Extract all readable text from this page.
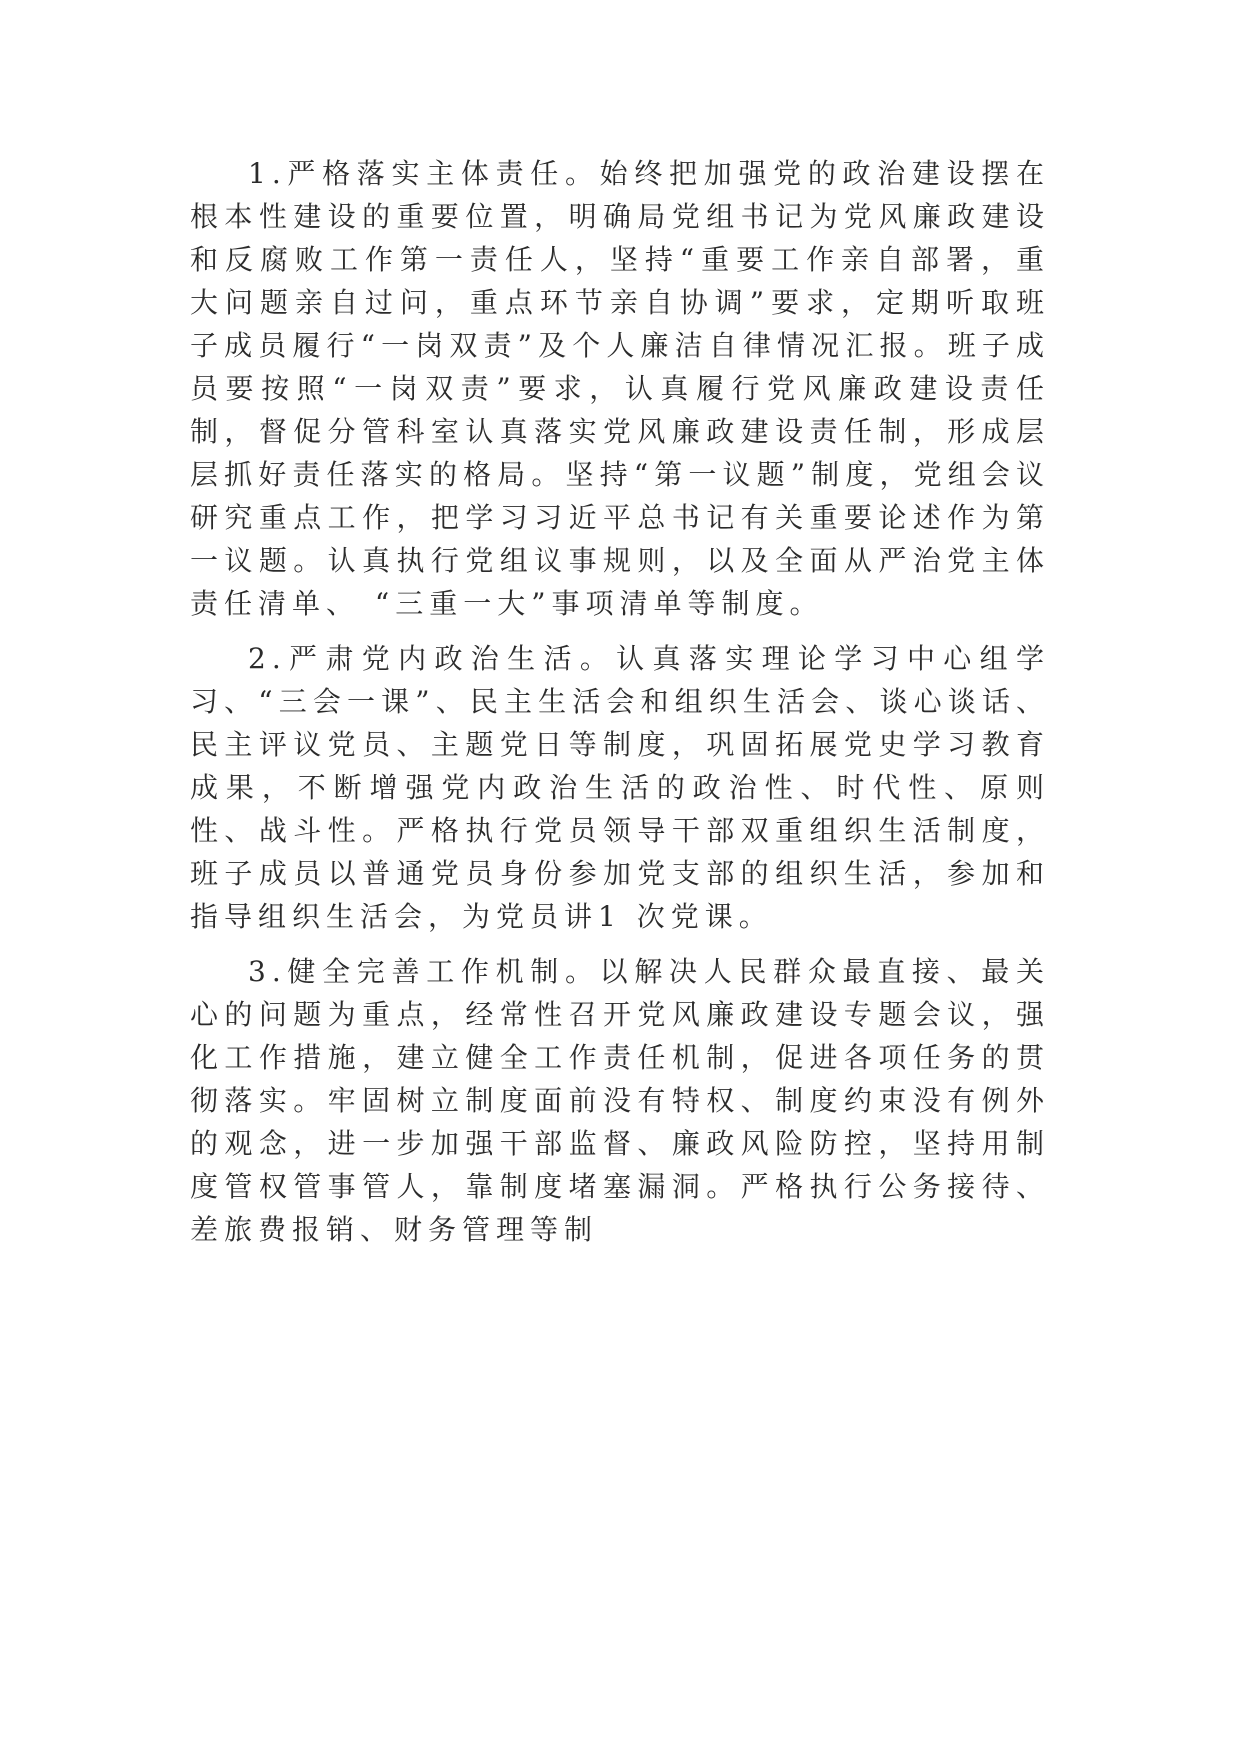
1.严格落实主体责任。始终把加强党的政治建设摆在根本性建设的重要位置，明确局党组书记为党风廉政建设和反腐败工作第一责任人，坚持“重要工作亲自部署，重大问题亲自过问，重点环节亲自协调”要求，定期听取班子成员履行“一岗双责”及个人廉洁自律情况汇报。班子成员要按照“一岗双责”要求，认真履行党风廉政建设责任制，督促分管科室认真落实党风廉政建设责任制，形成层层抓好责任落实的格局。坚持“第一议题”制度，党组会议研究重点工作，把学习习近平总书记有关重要论述作为第一议题。认真执行党组议事规则，以及全面从严治党主体责任清单、 “三重一大”事项清单等制度。

2.严肃党内政治生活。认真落实理论学习中心组学习、“三会一课”、民主生活会和组织生活会、谈心谈话、民主评议党员、主题党日等制度，巩固拓展党史学习教育成果，不断增强党内政治生活的政治性、时代性、原则性、战斗性。严格执行党员领导干部双重组织生活制度，班子成员以普通党员身份参加党支部的组织生活，参加和指导组织生活会，为党员讲1 次党课。

3.健全完善工作机制。以解决人民群众最直接、最关心的问题为重点，经常性召开党风廉政建设专题会议，强化工作措施，建立健全工作责任机制，促进各项任务的贯彻落实。牢固树立制度面前没有特权、制度约束没有例外的观念，进一步加强干部监督、廉政风险防控，坚持用制度管权管事管人，靠制度堵塞漏洞。严格执行公务接待、差旅费报销、财务管理等制
